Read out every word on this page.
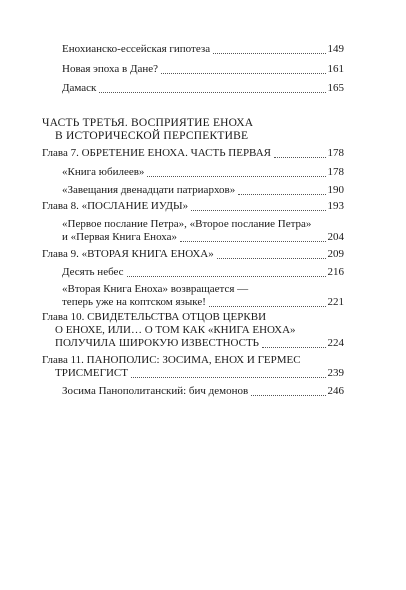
Енохианско-ессейская гипотеза	149
Новая эпоха в Дане?	161
Дамаск	165
ЧАСТЬ ТРЕТЬЯ. ВОСПРИЯТИЕ ЕНОХА
В ИСТОРИЧЕСКОЙ ПЕРСПЕКТИВЕ
Глава 7. ОБРЕТЕНИЕ ЕНОХА. ЧАСТЬ ПЕРВАЯ	178
«Книга юбилеев»	178
«Завещания двенадцати патриархов»	190
Глава 8. «ПОСЛАНИЕ ИУДЫ»	193
«Первое послание Петра», «Второе послание Петра»
и «Первая Книга Еноха»	204
Глава 9. «ВТОРАЯ КНИГА ЕНОХА»	209
Десять небес	216
«Вторая Книга Еноха» возвращается —
теперь уже на коптском языке!	221
Глава 10. СВИДЕТЕЛЬСТВА ОТЦОВ ЦЕРКВИ
О ЕНОХЕ, ИЛИ… О ТОМ КАК «КНИГА ЕНОХА»
ПОЛУЧИЛА ШИРОКУЮ ИЗВЕСТНОСТЬ	224
Глава 11. ПАНОПОЛИС: ЗОСИМА, ЕНОХ И ГЕРМЕС
ТРИСМЕГИСТ	239
Зосима Панополитанский: бич демонов	246
